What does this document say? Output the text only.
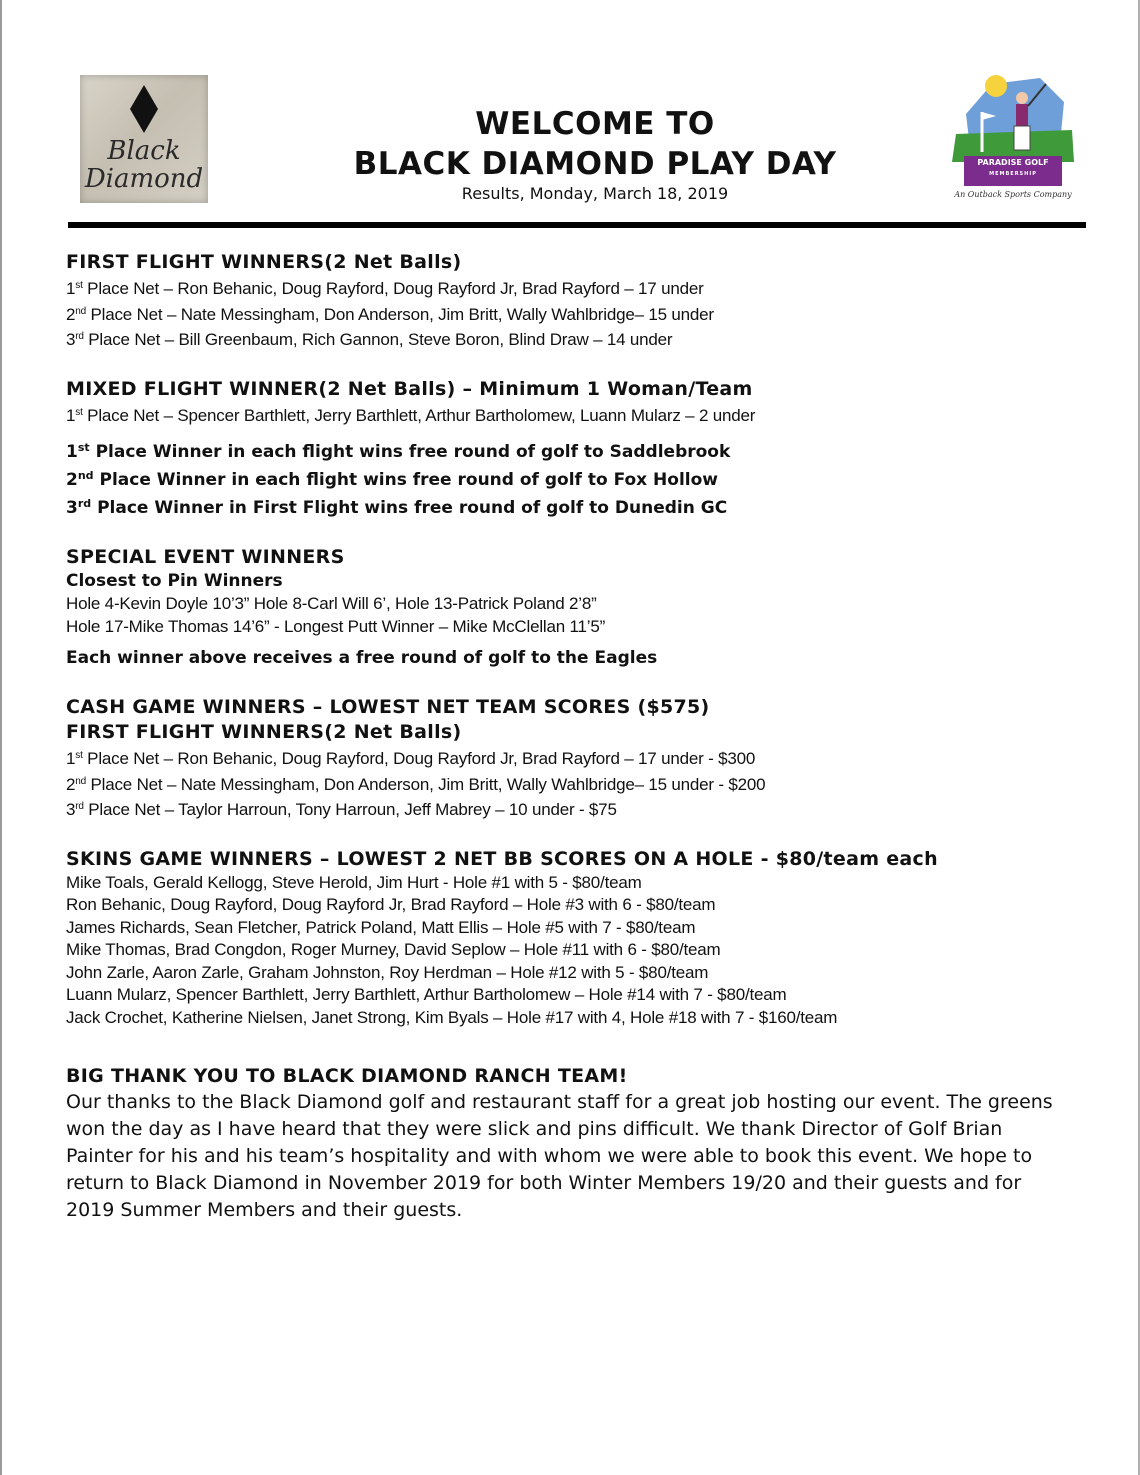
Black
Diamond
WELCOME TO
BLACK DIAMOND PLAY DAY
Results, Monday, March 18, 2019
PARADISE GOLF
MEMBERSHIP
An Outback Sports Company
FIRST FLIGHT WINNERS(2 Net Balls)
1st Place Net – Ron Behanic, Doug Rayford, Doug Rayford Jr, Brad Rayford – 17 under
2nd Place Net – Nate Messingham, Don Anderson, Jim Britt, Wally Wahlbridge– 15 under
3rd Place Net – Bill Greenbaum, Rich Gannon, Steve Boron, Blind Draw – 14 under
MIXED FLIGHT WINNER(2 Net Balls) – Minimum 1 Woman/Team
1st Place Net – Spencer Barthlett, Jerry Barthlett, Arthur Bartholomew, Luann Mularz – 2 under
1st Place Winner in each flight wins free round of golf to Saddlebrook
2nd Place Winner in each flight wins free round of golf to Fox Hollow
3rd Place Winner in First Flight wins free round of golf to Dunedin GC
SPECIAL EVENT WINNERS
Closest to Pin Winners
Hole 4-Kevin Doyle 10’3” Hole 8-Carl Will 6’, Hole 13-Patrick Poland 2’8”
Hole 17-Mike Thomas 14’6” - Longest Putt Winner – Mike McClellan 11’5”
Each winner above receives a free round of golf to the Eagles
CASH GAME WINNERS – LOWEST NET TEAM SCORES ($575)
FIRST FLIGHT WINNERS(2 Net Balls)
1st Place Net – Ron Behanic, Doug Rayford, Doug Rayford Jr, Brad Rayford – 17 under - $300
2nd Place Net – Nate Messingham, Don Anderson, Jim Britt, Wally Wahlbridge– 15 under - $200
3rd Place Net – Taylor Harroun, Tony Harroun, Jeff Mabrey – 10 under - $75
SKINS GAME WINNERS – LOWEST 2 NET BB SCORES ON A HOLE - $80/team each
Mike Toals, Gerald Kellogg, Steve Herold, Jim Hurt - Hole #1 with 5 - $80/team
Ron Behanic, Doug Rayford, Doug Rayford Jr, Brad Rayford – Hole #3 with 6 - $80/team
James Richards, Sean Fletcher, Patrick Poland, Matt Ellis – Hole #5 with 7 - $80/team
Mike Thomas, Brad Congdon, Roger Murney, David Seplow – Hole #11 with 6 - $80/team
John Zarle, Aaron Zarle, Graham Johnston, Roy Herdman – Hole #12 with 5 - $80/team
Luann Mularz, Spencer Barthlett, Jerry Barthlett, Arthur Bartholomew – Hole #14 with 7 - $80/team
Jack Crochet, Katherine Nielsen, Janet Strong, Kim Byals – Hole #17 with 4, Hole #18 with 7 - $160/team
BIG THANK YOU TO BLACK DIAMOND RANCH TEAM!
Our thanks to the Black Diamond golf and restaurant staff for a great job hosting our event. The greens won the day as I have heard that they were slick and pins difficult. We thank Director of Golf Brian Painter for his and his team’s hospitality and with whom we were able to book this event. We hope to return to Black Diamond in November 2019 for both Winter Members 19/20 and their guests and for 2019 Summer Members and their guests.
